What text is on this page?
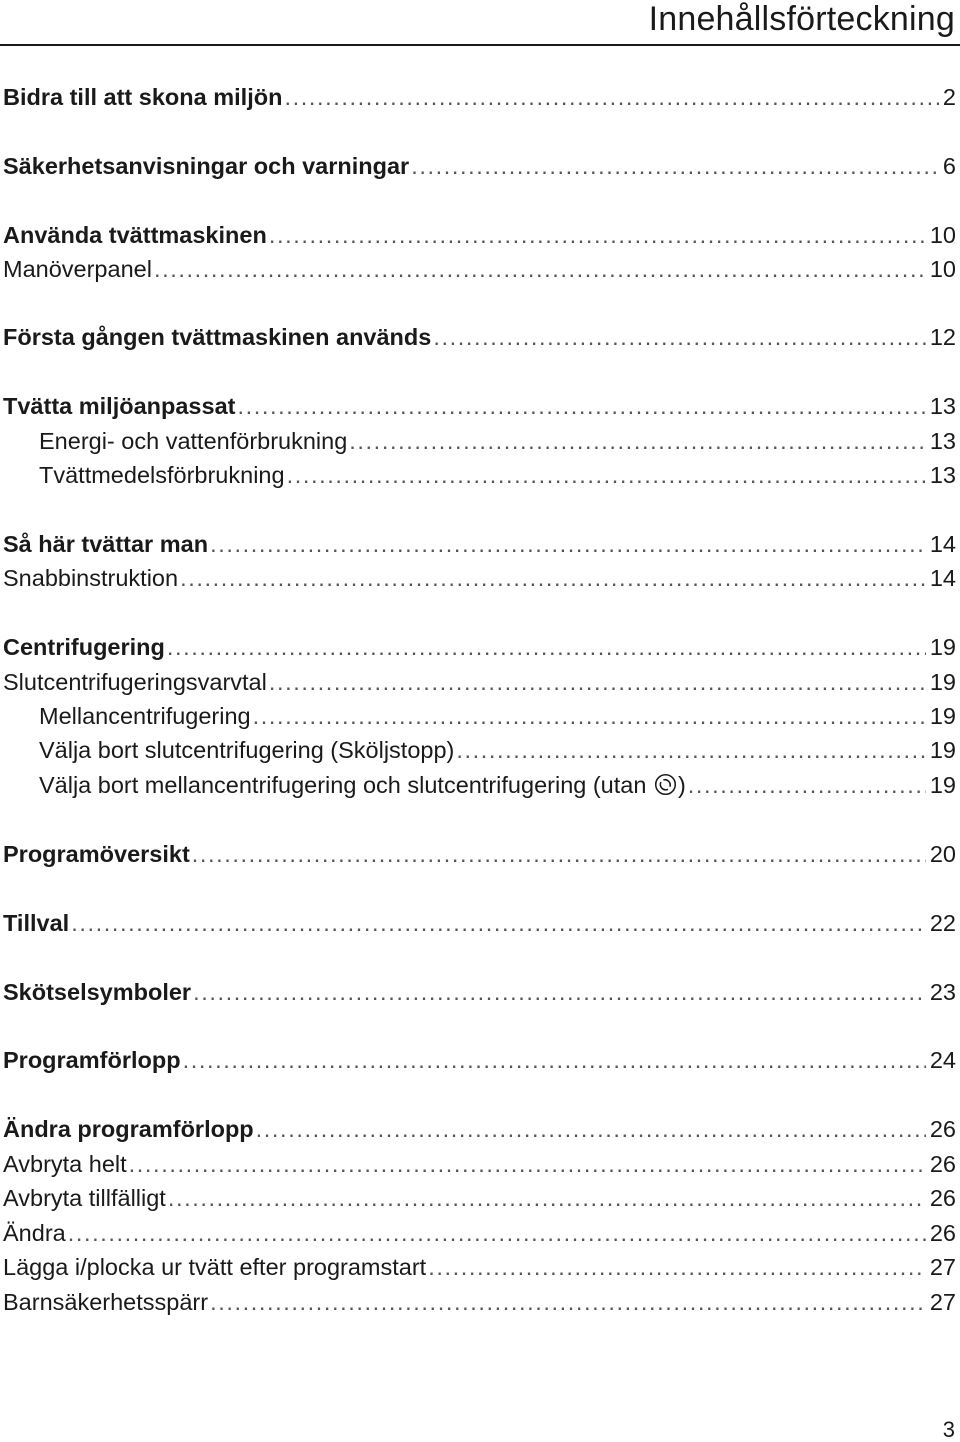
Innehållsförteckning
Bidra till att skona miljön .....	2
Säkerhetsanvisningar och varningar .....	6
Använda tvättmaskinen .....	10
Manöverpanel .....	10
Första gången tvättmaskinen används .....	12
Tvätta miljöanpassat .....	13
Energi- och vattenförbrukning .....	13
Tvättmedelsförbrukning .....	13
Så här tvättar man .....	14
Snabbinstruktion .....	14
Centrifugering .....	19
Slutcentrifugeringsvarvtal .....	19
Mellancentrifugering .....	19
Välja bort slutcentrifugering (Sköljstopp) .....	19
Välja bort mellancentrifugering och slutcentrifugering (utan ) .....	19
Programöversikt .....	20
Tillval .....	22
Skötselsymboler .....	23
Programförlopp .....	24
Ändra programförlopp .....	26
Avbryta helt .....	26
Avbryta tillfälligt .....	26
Ändra .....	26
Lägga i/plocka ur tvätt efter programstart .....	27
Barnsäkerhetsspärr .....	27
3
